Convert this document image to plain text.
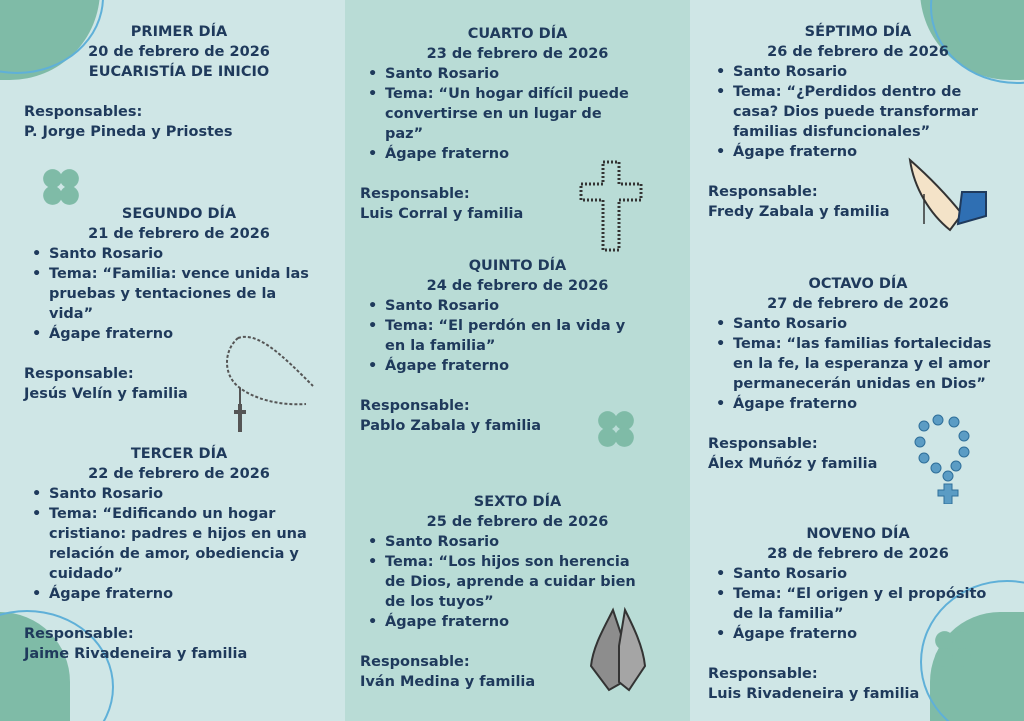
PRIMER DÍA
20 de febrero de 2026
EUCARISTÍA DE INICIO
Responsables:
P. Jorge Pineda y Priostes
SEGUNDO DÍA
21 de febrero de 2026
• Santo Rosario
• Tema: “Familia: vence unida las pruebas y tentaciones de la vida”
• Ágape fraterno
Responsable:
Jesús Velín y familia
TERCER DÍA
22 de febrero de 2026
• Santo Rosario
• Tema: “Edificando un hogar cristiano: padres e hijos en una relación de amor, obediencia y cuidado”
• Ágape fraterno
Responsable:
Jaime Rivadeneira y familia
CUARTO DÍA
23 de febrero de 2026
• Santo Rosario
• Tema: “Un hogar difícil puede convertirse en un lugar de paz”
• Ágape fraterno
Responsable:
Luis Corral y familia
QUINTO DÍA
24 de febrero de 2026
• Santo Rosario
• Tema: “El perdón en la vida y en la familia”
• Ágape fraterno
Responsable:
Pablo Zabala y familia
SEXTO DÍA
25 de febrero de 2026
• Santo Rosario
• Tema: “Los hijos son herencia de Dios, aprende a cuidar bien de los tuyos”
• Ágape fraterno
Responsable:
Iván Medina y familia
SÉPTIMO DÍA
26 de febrero de 2026
• Santo Rosario
• Tema: “¿Perdidos dentro de casa? Dios puede transformar familias disfuncionales”
• Ágape fraterno
Responsable:
Fredy Zabala y familia
OCTAVO DÍA
27 de febrero de 2026
• Santo Rosario
• Tema: “las familias fortalecidas en la fe, la esperanza y el amor permanecerán unidas en Dios”
• Ágape fraterno
Responsable:
Álex Muñóz y familia
NOVENO DÍA
28 de febrero de 2026
• Santo Rosario
• Tema: “El origen y el propósito de la familia”
• Ágape fraterno
Responsable:
Luis Rivadeneira y familia
